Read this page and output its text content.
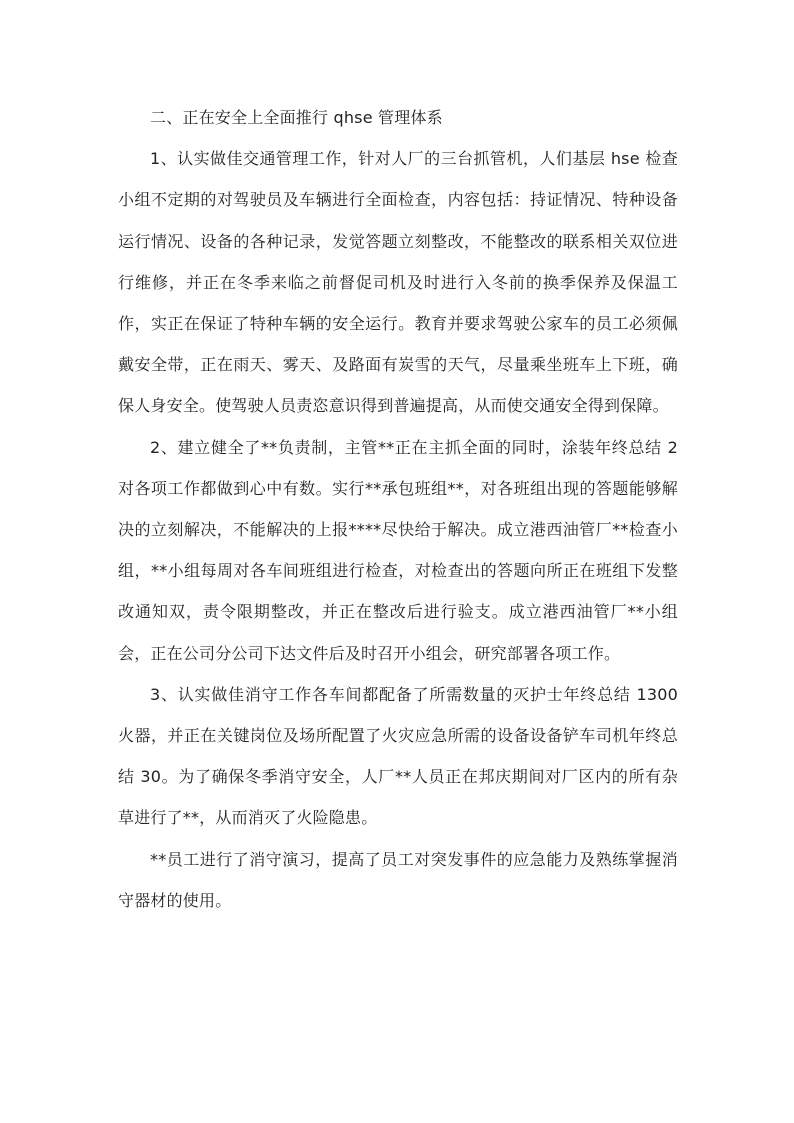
二、正在安全上全面推行 qhse 管理体系

1、认实做佳交通管理工作，针对人厂的三台抓管机，人们基层 hse 检查小组不定期的对驾驶员及车辆进行全面检查，内容包括：持证情况、特种设备运行情况、设备的各种记录，发觉答题立刻整改，不能整改的联系相关双位进行维修，并正在冬季来临之前督促司机及时进行入冬前的换季保养及保温工作，实正在保证了特种车辆的安全运行。教育并要求驾驶公家车的员工必须佩戴安全带，正在雨天、雾天、及路面有炭雪的天气，尽量乘坐班车上下班，确保人身安全。使驾驶人员责恣意识得到普遍提高，从而使交通安全得到保障。

2、建立健全了**负责制，主管**正在主抓全面的同时，涂装年终总结 2 对各项工作都做到心中有数。实行**承包班组**，对各班组出现的答题能够解决的立刻解决，不能解决的上报****尽快给于解决。成立港西油管厂**检查小组，**小组每周对各车间班组进行检查，对检查出的答题向所正在班组下发整改通知双，责令限期整改，并正在整改后进行验支。成立港西油管厂**小组会，正在公司分公司下达文件后及时召开小组会，研究部署各项工作。

3、认实做佳消守工作各车间都配备了所需数量的灭护士年终总结 1300 火器，并正在关键岗位及场所配置了火灾应急所需的设备设备铲车司机年终总结 30。为了确保冬季消守安全，人厂**人员正在邦庆期间对厂区内的所有杂草进行了**，从而消灭了火险隐患。

**员工进行了消守演习，提高了员工对突发事件的应急能力及熟练掌握消守器材的使用。
